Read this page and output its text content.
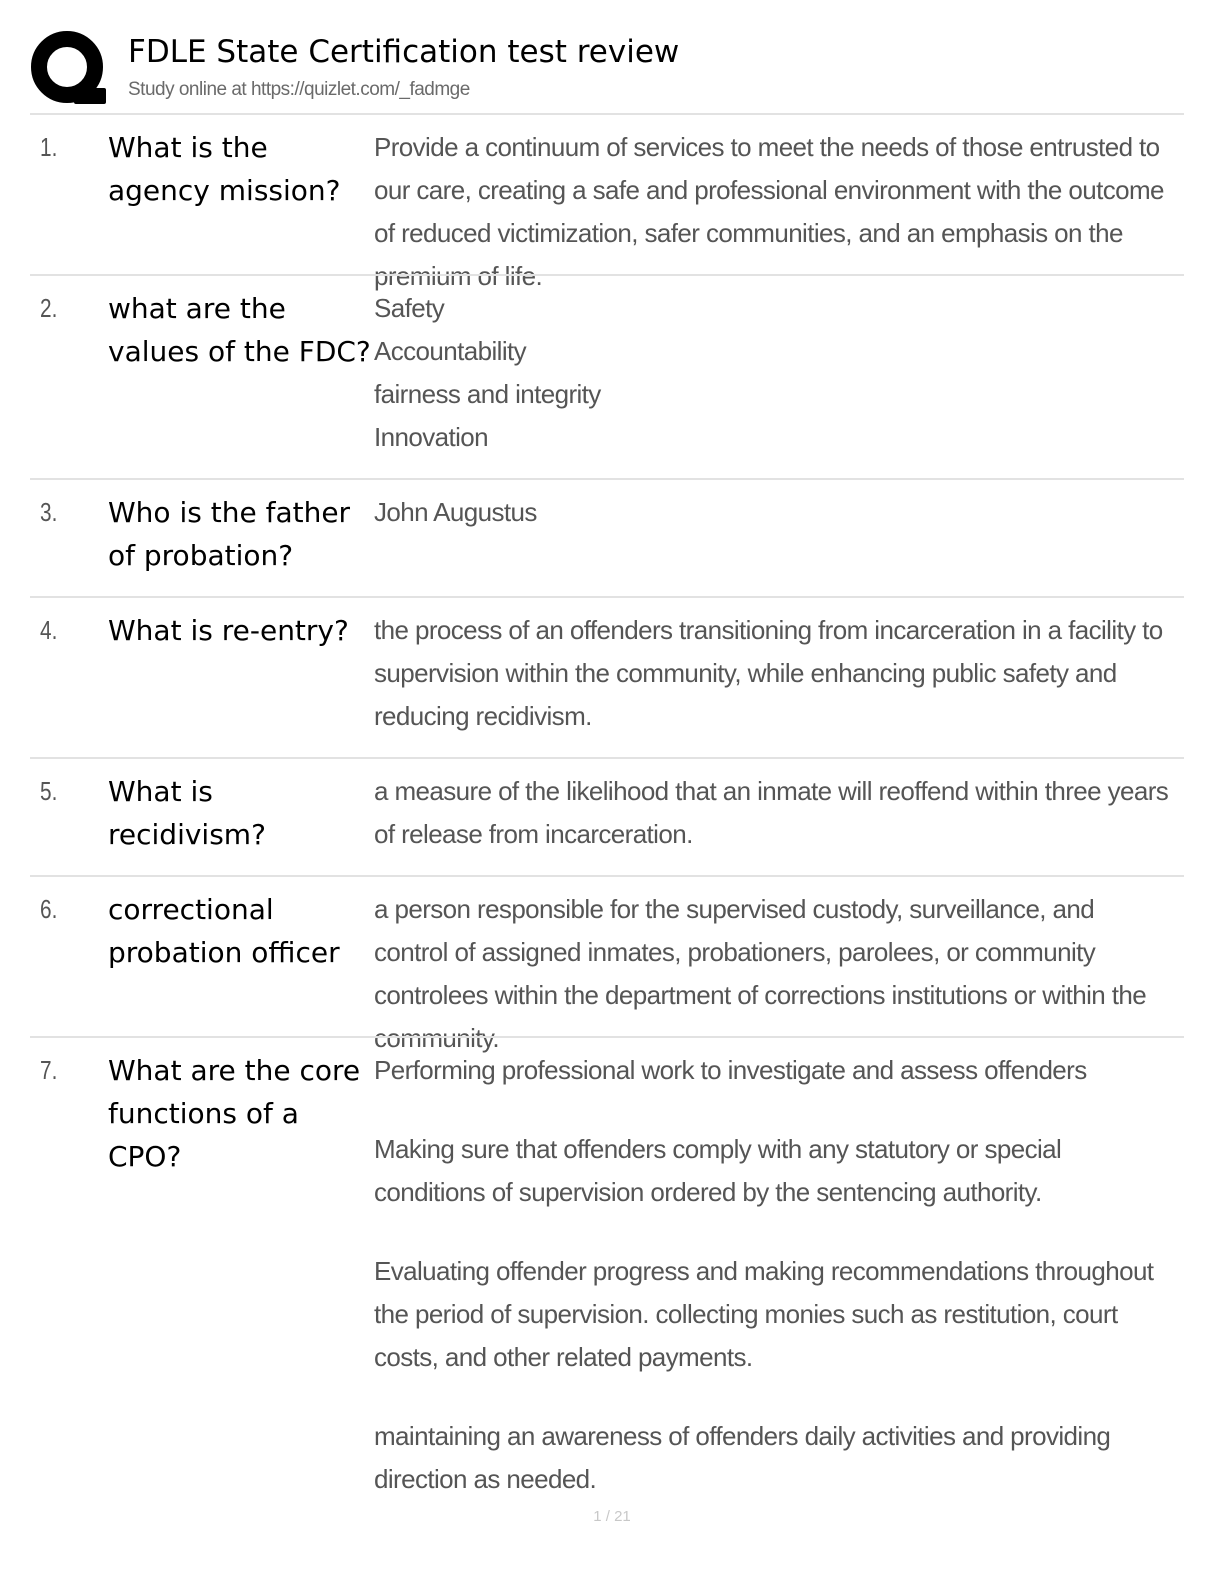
FDLE State Certification test review
Study online at https://quizlet.com/_fadmge
1. What is the agency mission?
Provide a continuum of services to meet the needs of those entrusted to our care, creating a safe and professional environment with the outcome of reduced victimization, safer communities, and an emphasis on the premium of life.
2. what are the values of the FDC?
Safety
Accountability
fairness and integrity
Innovation
3. Who is the father of probation?
John Augustus
4. What is re-entry? the process of an offenders transitioning from incarceration in a facility to supervision within the community, while enhancing public safety and reducing recidivism.
5. What is recidivism?
a measure of the likelihood that an inmate will reoffend within three years of release from incarceration.
6. correctional probation officer
a person responsible for the supervised custody, surveillance, and control of assigned inmates, probationers, parolees, or community controlees within the department of corrections institutions or within the community.
7. What are the core functions of a CPO?

Performing professional work to investigate and assess offenders

Making sure that offenders comply with any statutory or special conditions of supervision ordered by the sentencing authority.

Evaluating offender progress and making recommendations throughout the period of supervision. collecting monies such as restitution, court costs, and other related payments.

maintaining an awareness of offenders daily activities and providing direction as needed.

1 / 21
